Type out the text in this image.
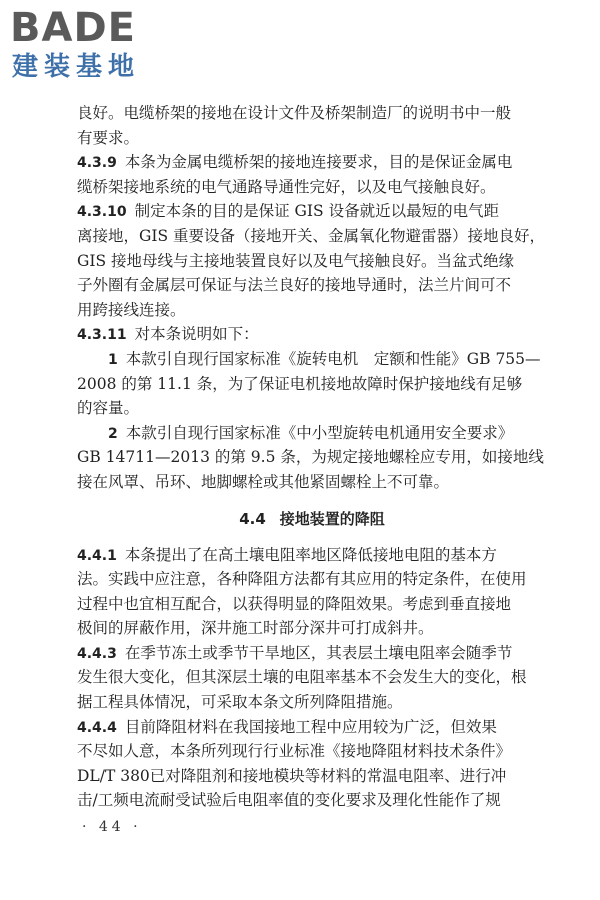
BADE
建装基地
良好。电缆桥架的接地在设计文件及桥架制造厂的说明书中一般
有要求。
4.3.9 本条为金属电缆桥架的接地连接要求，目的是保证金属电
缆桥架接地系统的电气通路导通性完好，以及电气接触良好。
4.3.10 制定本条的目的是保证 GIS 设备就近以最短的电气距
离接地，GIS 重要设备（接地开关、金属氧化物避雷器）接地良好，
GIS 接地母线与主接地装置良好以及电气接触良好。当盆式绝缘
子外圈有金属层可保证与法兰良好的接地导通时，法兰片间可不
用跨接线连接。
4.3.11 对本条说明如下：
1 本款引自现行国家标准《旋转电机　定额和性能》GB 755—
2008 的第 11.1 条，为了保证电机接地故障时保护接地线有足够
的容量。
2 本款引自现行国家标准《中小型旋转电机通用安全要求》
GB 14711—2013 的第 9.5 条，为规定接地螺栓应专用，如接地线
接在风罩、吊环、地脚螺栓或其他紧固螺栓上不可靠。
4.4 接地装置的降阻
4.4.1 本条提出了在高土壤电阻率地区降低接地电阻的基本方
法。实践中应注意，各种降阻方法都有其应用的特定条件，在使用
过程中也宜相互配合，以获得明显的降阻效果。考虑到垂直接地
极间的屏蔽作用，深井施工时部分深井可打成斜井。
4.4.3 在季节冻土或季节干旱地区，其表层土壤电阻率会随季节
发生很大变化，但其深层土壤的电阻率基本不会发生大的变化，根
据工程具体情况，可采取本条文所列降阻措施。
4.4.4 目前降阻材料在我国接地工程中应用较为广泛，但效果
不尽如人意，本条所列现行行业标准《接地降阻材料技术条件》
DL/T 380已对降阻剂和接地模块等材料的常温电阻率、进行冲
击/工频电流耐受试验后电阻率值的变化要求及理化性能作了规
· 44 ·
